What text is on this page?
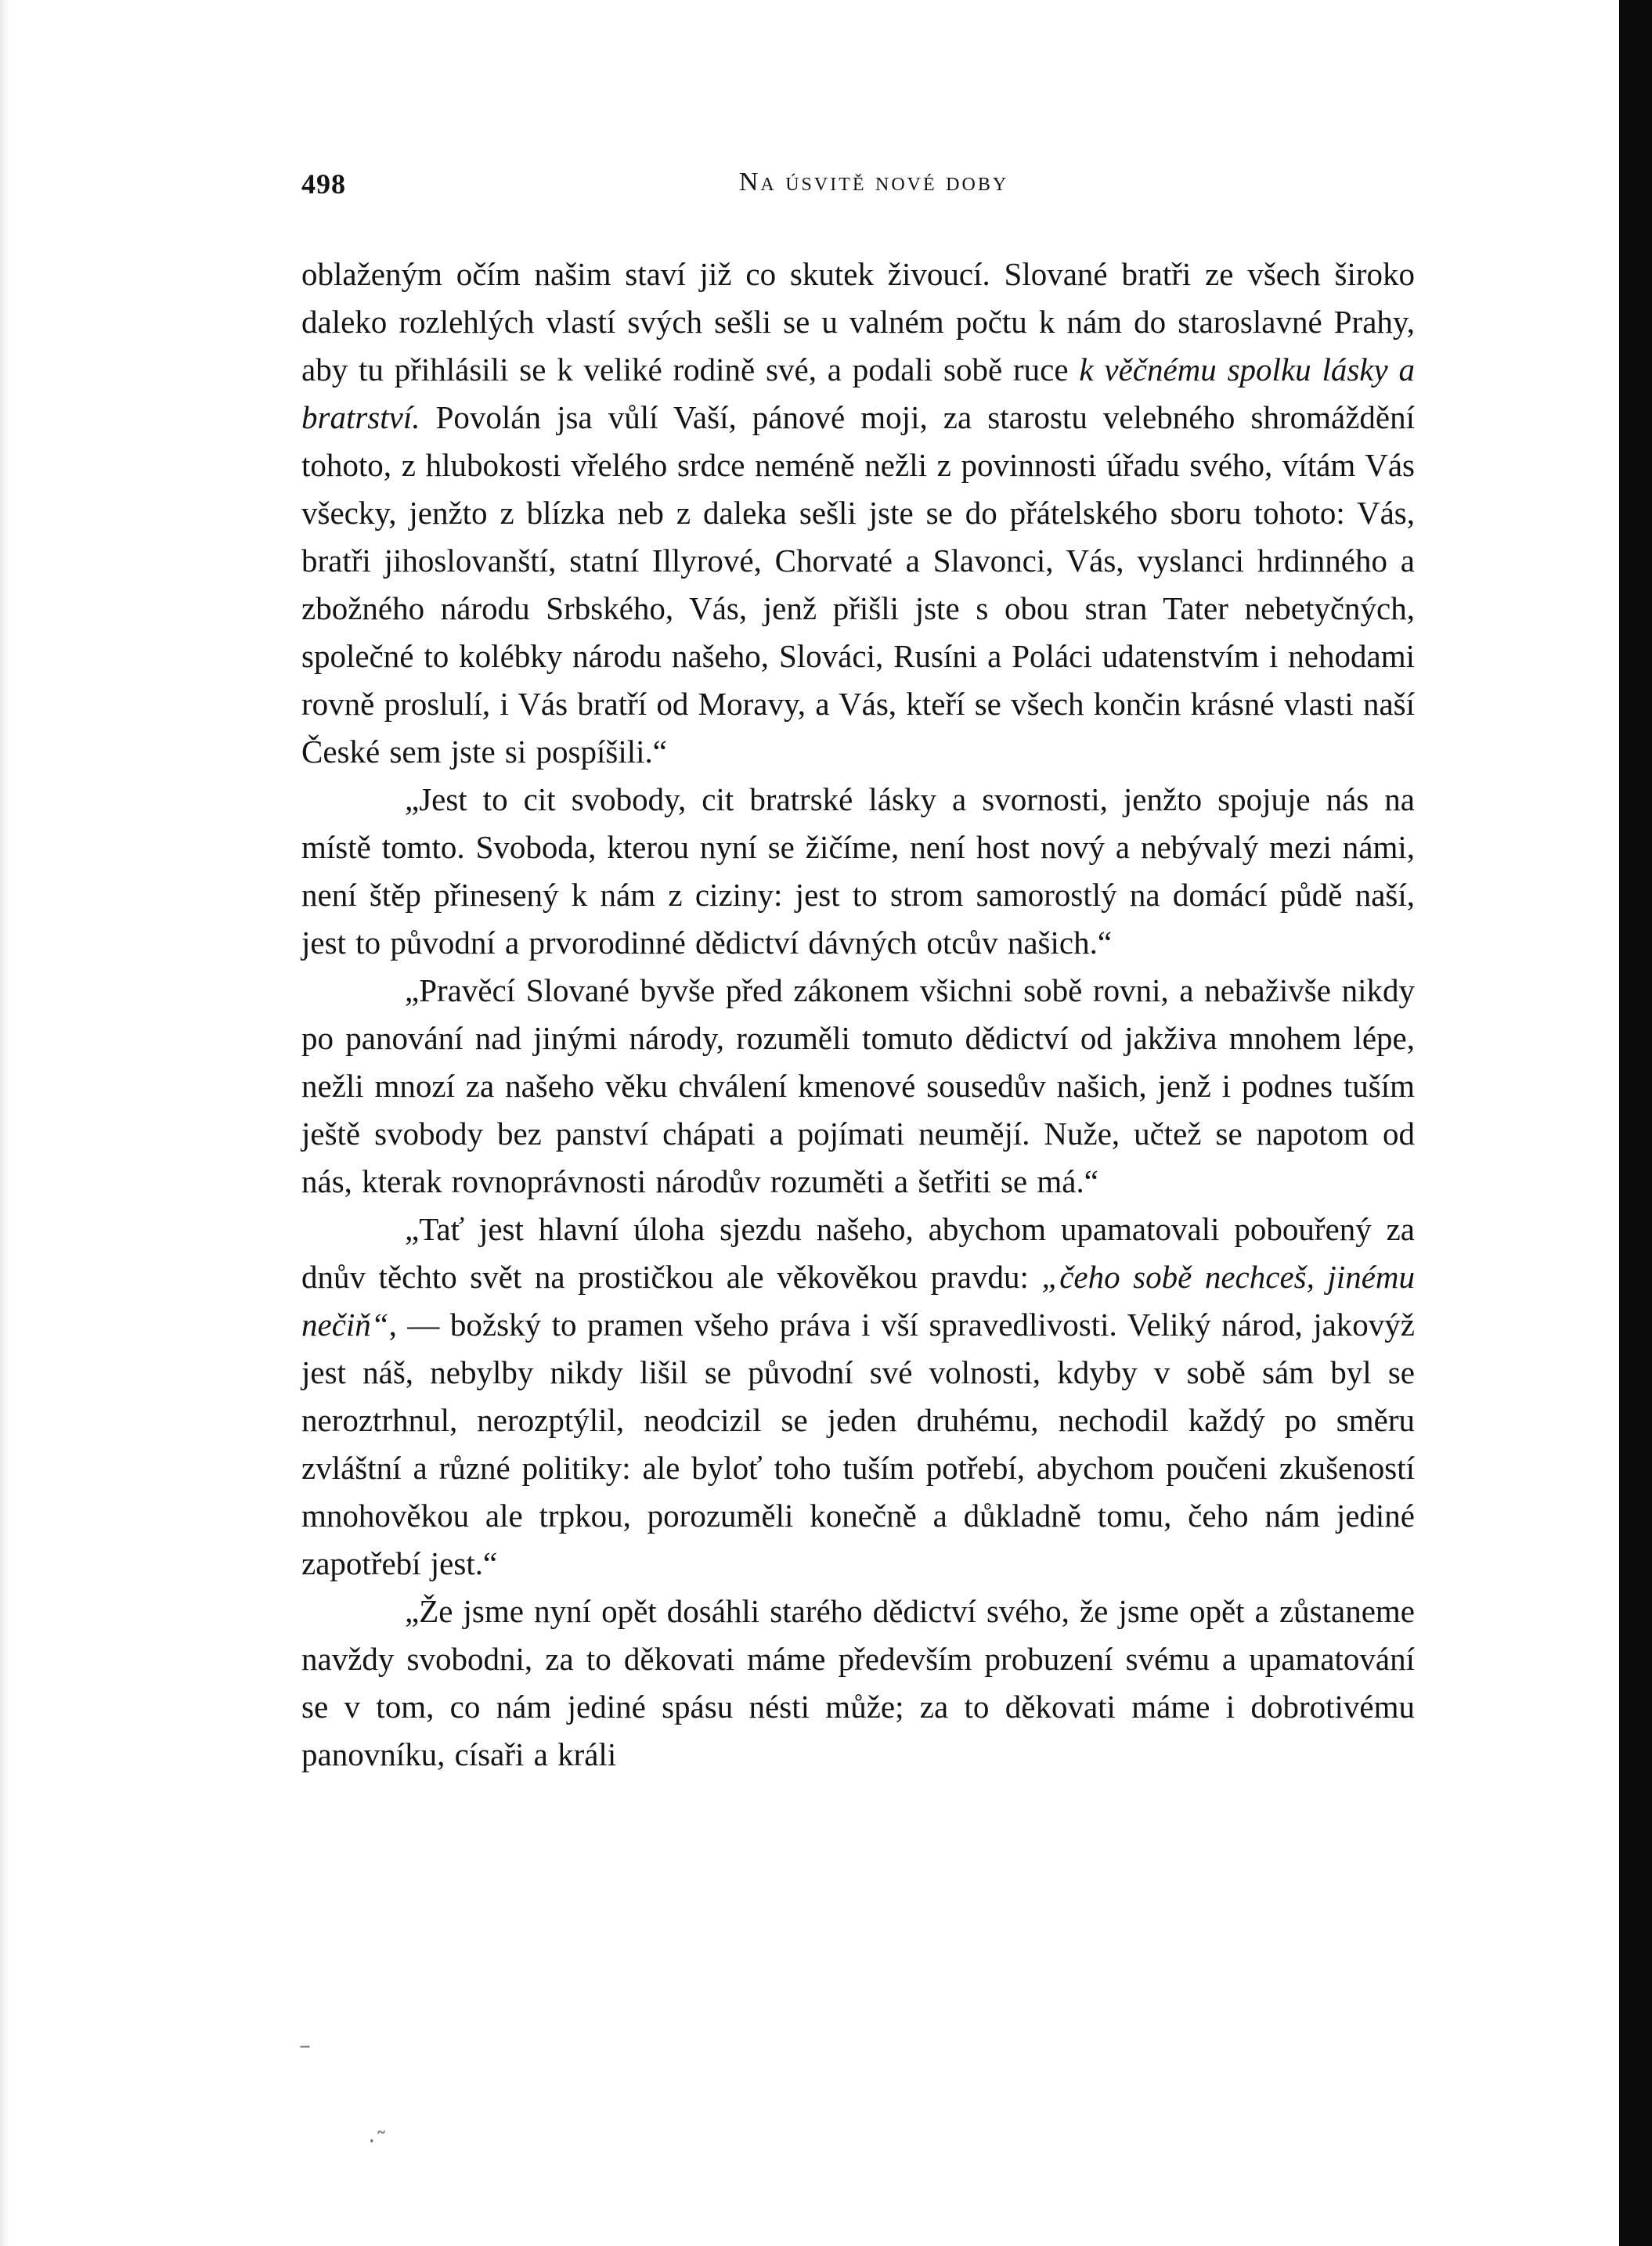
498	Na úsvitě nové doby

oblaženým očím našim staví již co skutek živoucí. Slované bratři ze všech široko daleko rozlehlých vlastí svých sešli se u valném počtu k nám do staroslavné Prahy, aby tu přihlásili se k veliké rodině své, a podali sobě ruce k věčnému spolku lásky a bratrství. Povolán jsa vůlí Vaší, pánové moji, za starostu velebného shromáždění tohoto, z hlubokosti vřelého srdce neméně nežli z povinnosti úřadu svého, vítám Vás všecky, jenžto z blízka neb z daleka sešli jste se do přátelského sboru tohoto: Vás, bratři jihoslovanští, statní Illyrové, Chorvaté a Slavonci, Vás, vyslanci hrdinného a zbožného národu Srbského, Vás, jenž přišli jste s obou stran Tater nebetyčných, společné to kolébky národu našeho, Slováci, Rusíni a Poláci udatenstvím i nehodami rovně proslulí, i Vás bratří od Moravy, a Vás, kteří se všech končin krásné vlasti naší České sem jste si pospíšili.“

„Jest to cit svobody, cit bratrské lásky a svornosti, jenžto spojuje nás na místě tomto. Svoboda, kterou nyní se žičíme, není host nový a nebývalý mezi námi, není štěp přinesený k nám z ciziny: jest to strom samorostlý na domácí půdě naší, jest to původní a prvorodinné dědictví dávných otcův našich.“

„Pravěcí Slované byvše před zákonem všichni sobě rovni, a nebaživše nikdy po panování nad jinými národy, rozuměli tomuto dědictví od jakživa mnohem lépe, nežli mnozí za našeho věku chválení kmenové sousedův našich, jenž i podnes tuším ještě svobody bez panství chápati a pojímati neumějí. Nuže, učtež se napotom od nás, kterak rovnoprávnosti národův rozuměti a šetřiti se má.“

„Tať jest hlavní úloha sjezdu našeho, abychom upamatovali pobouřený za dnův těchto svět na prostičkou ale věkověkou pravdu: „čeho sobě nechceš, jinému nečiň“, — božský to pramen všeho práva i vší spravedlivosti. Veliký národ, jakovýž jest náš, nebylby nikdy lišil se původní své volnosti, kdyby v sobě sám byl se neroztrhnul, nerozptýlil, neodcizil se jeden druhému, nechodil každý po směru zvláštní a různé politiky: ale byloť toho tuším potřebí, abychom poučeni zkušeností mnohověkou ale trpkou, porozuměli konečně a důkladně tomu, čeho nám jediné zapotřebí jest.“

„Že jsme nyní opět dosáhli starého dědictví svého, že jsme opět a zůstaneme navždy svobodni, za to děkovati máme především probuzení svému a upamatování se v tom, co nám jediné spásu nésti může; za to děkovati máme i dobrotivému panovníku, císaři a králi

–
·˜
